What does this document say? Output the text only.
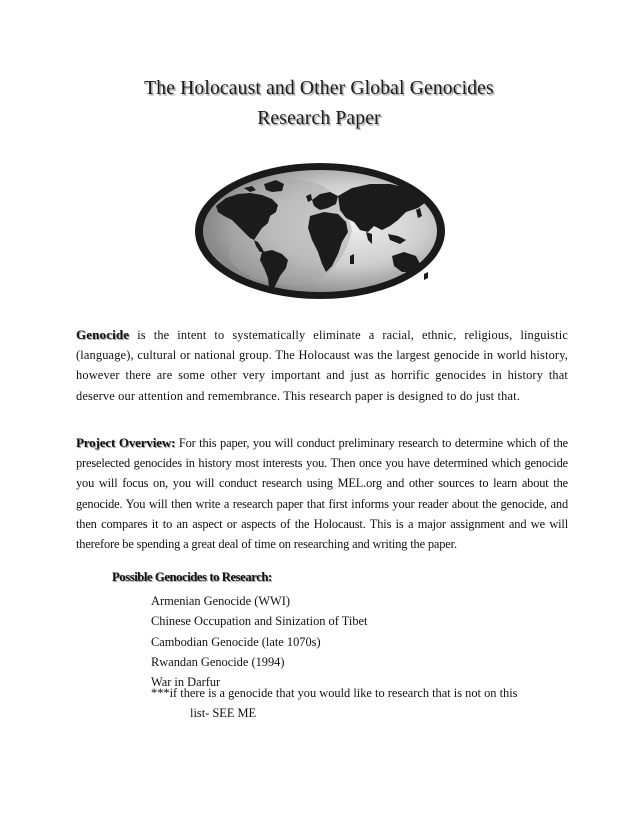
The Holocaust and Other Global Genocides
Research Paper
Genocide is the intent to systematically eliminate a racial, ethnic, religious, linguistic (language), cultural or national group. The Holocaust was the largest genocide in world history, however there are some other very important and just as horrific genocides in history that deserve our attention and remembrance. This research paper is designed to do just that.
Project Overview: For this paper, you will conduct preliminary research to determine which of the preselected genocides in history most interests you. Then once you have determined which genocide you will focus on, you will conduct research using MEL.org and other sources to learn about the genocide. You will then write a research paper that first informs your reader about the genocide, and then compares it to an aspect or aspects of the Holocaust. This is a major assignment and we will therefore be spending a great deal of time on researching and writing the paper.
Possible Genocides to Research:
Armenian Genocide (WWI)
Chinese Occupation and Sinization of Tibet
Cambodian Genocide (late 1070s)
Rwandan Genocide (1994)
War in Darfur
***if there is a genocide that you would like to research that is not on this
list- SEE ME
